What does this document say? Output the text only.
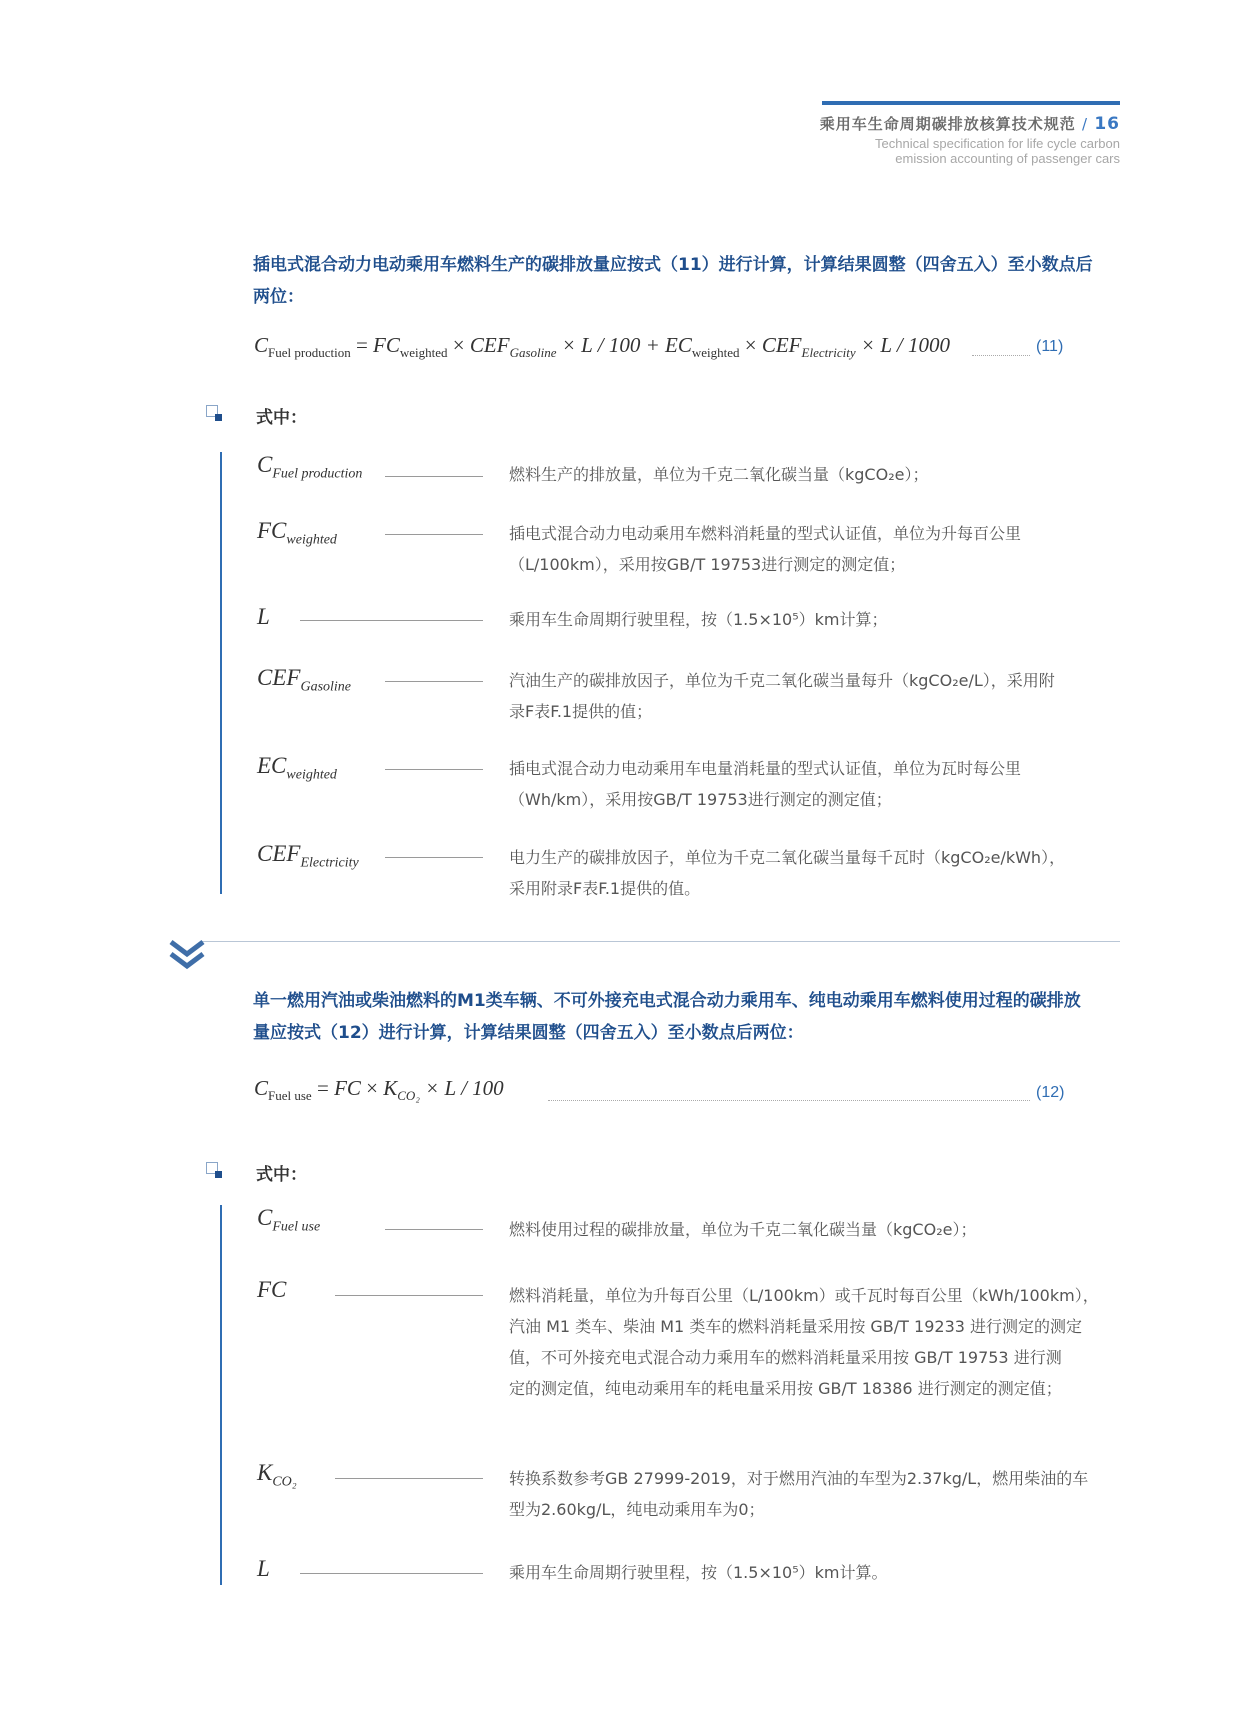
乘用车生命周期碳排放核算技术规范 / 16
Technical specification for life cycle carbon
emission accounting of passenger cars
插电式混合动力电动乘用车燃料生产的碳排放量应按式（11）进行计算，计算结果圆整（四舍五入）至小数点后
两位：
$C_{Fuel production} = FC_{weighted} \times CEF_{Gasoline} \times L / 100 + EC_{weighted} \times CEF_{Electricity} \times L / 1000$	(11)
式中：
$C_{Fuel production}$	燃料生产的排放量，单位为千克二氧化碳当量（kgCO₂e）；
$FC_{weighted}$	插电式混合动力电动乘用车燃料消耗量的型式认证值，单位为升每百公里
（L/100km），采用按GB/T 19753进行测定的测定值；
L	乘用车生命周期行驶里程，按（1.5×10⁵）km计算；
$CEF_{Gasoline}$	汽油生产的碳排放因子，单位为千克二氧化碳当量每升（kgCO₂e/L），采用附
录F表F.1提供的值；
$EC_{weighted}$	插电式混合动力电动乘用车电量消耗量的型式认证值，单位为瓦时每公里
（Wh/km），采用按GB/T 19753进行测定的测定值；
$CEF_{Electricity}$	电力生产的碳排放因子，单位为千克二氧化碳当量每千瓦时（kgCO₂e/kWh），
采用附录F表F.1提供的值。
单一燃用汽油或柴油燃料的M1类车辆、不可外接充电式混合动力乘用车、纯电动乘用车燃料使用过程的碳排放
量应按式（12）进行计算，计算结果圆整（四舍五入）至小数点后两位：
$C_{Fuel use}$ = FC × $K_{CO_2} \times L / 100$	(12)
式中：
$C_{Fuel use}$	燃料使用过程的碳排放量，单位为千克二氧化碳当量（kgCO₂e）；
FC	燃料消耗量，单位为升每百公里（L/100km）或千瓦时每百公里（kWh/100km），
汽油 M1 类车、柴油 M1 类车的燃料消耗量采用按 GB/T 19233 进行测定的测定
值，不可外接充电式混合动力乘用车的燃料消耗量采用按 GB/T 19753 进行测
定的测定值，纯电动乘用车的耗电量采用按 GB/T 18386 进行测定的测定值；
$K_{CO_2}$	转换系数参考GB 27999-2019，对于燃用汽油的车型为2.37kg/L，燃用柴油的车
型为2.60kg/L，纯电动乘用车为0；
L	乘用车生命周期行驶里程，按（1.5×10⁵）km计算。
